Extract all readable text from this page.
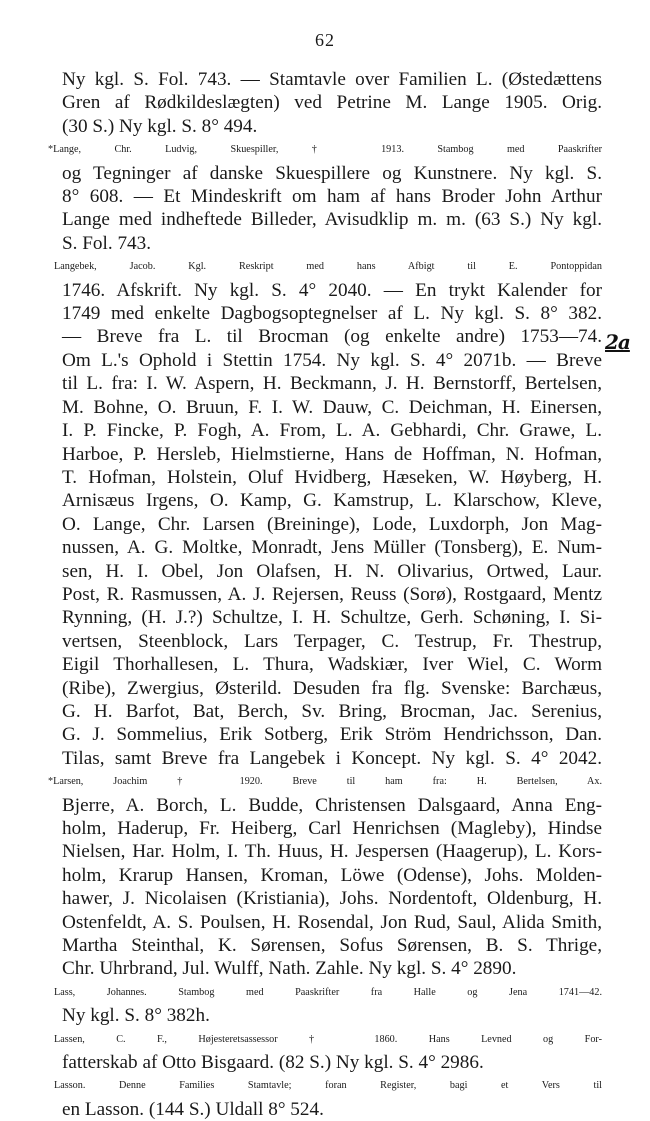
62
Ny kgl. S. Fol. 743. — Stamtavle over Familien L. (Østedættens
Gren af Rødkildeslægten) ved Petrine M. Lange 1905. Orig.
(30 S.) Ny kgl. S. 8° 494.
*Lange, Chr. Ludvig, Skuespiller, † 1913. Stambog med Paaskrifter
og Tegninger af danske Skuespillere og Kunstnere. Ny kgl. S.
8° 608. — Et Mindeskrift om ham af hans Broder John Arthur
Lange med indheftede Billeder, Avisudklip m. m. (63 S.) Ny kgl.
S. Fol. 743.
Langebek, Jacob. Kgl. Reskript med hans Afbigt til E. Pontoppidan
1746. Afskrift. Ny kgl. S. 4° 2040. — En trykt Kalender for
1749 med enkelte Dagbogsoptegnelser af L. Ny kgl. S. 8° 382.
— Breve fra L. til Brocman (og enkelte andre) 1753—74.
Om L.'s Ophold i Stettin 1754. Ny kgl. S. 4° 2071b. — Breve
til L. fra: I. W. Aspern, H. Beckmann, J. H. Bernstorff, Bertelsen,
M. Bohne, O. Bruun, F. I. W. Dauw, C. Deichman, H. Einersen,
I. P. Fincke, P. Fogh, A. From, L. A. Gebhardi, Chr. Grawe, L.
Harboe, P. Hersleb, Hielmstierne, Hans de Hoffman, N. Hofman,
T. Hofman, Holstein, Oluf Hvidberg, Hæseken, W. Høyberg, H.
Arnisæus Irgens, O. Kamp, G. Kamstrup, L. Klarschow, Kleve,
O. Lange, Chr. Larsen (Breininge), Lode, Luxdorph, Jon Mag-
nussen, A. G. Moltke, Monradt, Jens Müller (Tonsberg), E. Num-
sen, H. I. Obel, Jon Olafsen, H. N. Olivarius, Ortwed, Laur.
Post, R. Rasmussen, A. J. Rejersen, Reuss (Sorø), Rostgaard, Mentz
Rynning, (H. J.?) Schultze, I. H. Schultze, Gerh. Schøning, I. Si-
vertsen, Steenblock, Lars Terpager, C. Testrup, Fr. Thestrup,
Eigil Thorhallesen, L. Thura, Wadskiær, Iver Wiel, C. Worm
(Ribe), Zwergius, Østerild. Desuden fra flg. Svenske: Barchæus,
G. H. Barfot, Bat, Berch, Sv. Bring, Brocman, Jac. Serenius,
G. J. Sommelius, Erik Sotberg, Erik Ström Hendrichsson, Dan.
Tilas, samt Breve fra Langebek i Koncept. Ny kgl. S. 4° 2042.
*Larsen, Joachim † 1920. Breve til ham fra: H. Bertelsen, Ax.
Bjerre, A. Borch, L. Budde, Christensen Dalsgaard, Anna Eng-
holm, Haderup, Fr. Heiberg, Carl Henrichsen (Magleby), Hindse
Nielsen, Har. Holm, I. Th. Huus, H. Jespersen (Haagerup), L. Kors-
holm, Krarup Hansen, Kroman, Löwe (Odense), Johs. Molden-
hawer, J. Nicolaisen (Kristiania), Johs. Nordentoft, Oldenburg, H.
Ostenfeldt, A. S. Poulsen, H. Rosendal, Jon Rud, Saul, Alida Smith,
Martha Steinthal, K. Sørensen, Sofus Sørensen, B. S. Thrige,
Chr. Uhrbrand, Jul. Wulff, Nath. Zahle. Ny kgl. S. 4° 2890.
Lass, Johannes. Stambog med Paaskrifter fra Halle og Jena 1741—42.
Ny kgl. S. 8° 382h.
Lassen, C. F., Højesteretsassessor † 1860. Hans Levned og For-
fatterskab af Otto Bisgaard. (82 S.) Ny kgl. S. 4° 2986.
Lasson. Denne Families Stamtavle; foran Register, bagi et Vers til
en Lasson. (144 S.) Uldall 8° 524.
2a
